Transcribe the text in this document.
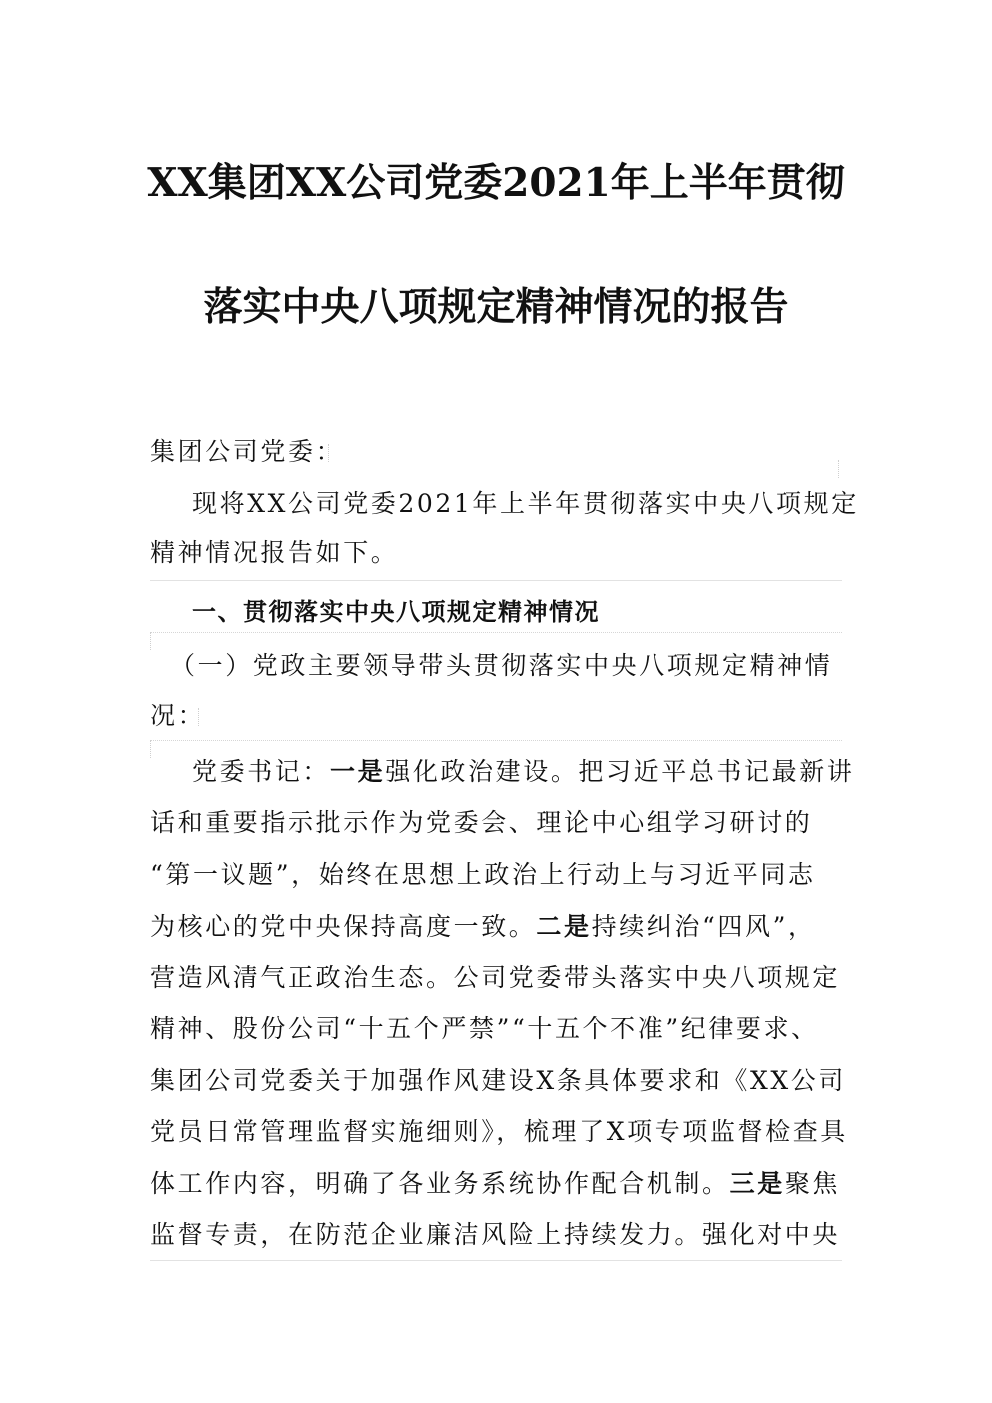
XX集团XX公司党委2021年上半年贯彻
落实中央八项规定精神情况的报告
集团公司党委：
现将XX公司党委2021年上半年贯彻落实中央八项规定
精神情况报告如下。
一、贯彻落实中央八项规定精神情况
（一）党政主要领导带头贯彻落实中央八项规定精神情
况：
党委书记：一是强化政治建设。把习近平总书记最新讲
话和重要指示批示作为党委会、理论中心组学习研讨的
“第一议题”，始终在思想上政治上行动上与习近平同志
为核心的党中央保持高度一致。二是持续纠治“四风”，
营造风清气正政治生态。公司党委带头落实中央八项规定
精神、股份公司“十五个严禁”“十五个不准”纪律要求、
集团公司党委关于加强作风建设X条具体要求和《XX公司
党员日常管理监督实施细则》，梳理了X项专项监督检查具
体工作内容，明确了各业务系统协作配合机制。三是聚焦
监督专责，在防范企业廉洁风险上持续发力。强化对中央
